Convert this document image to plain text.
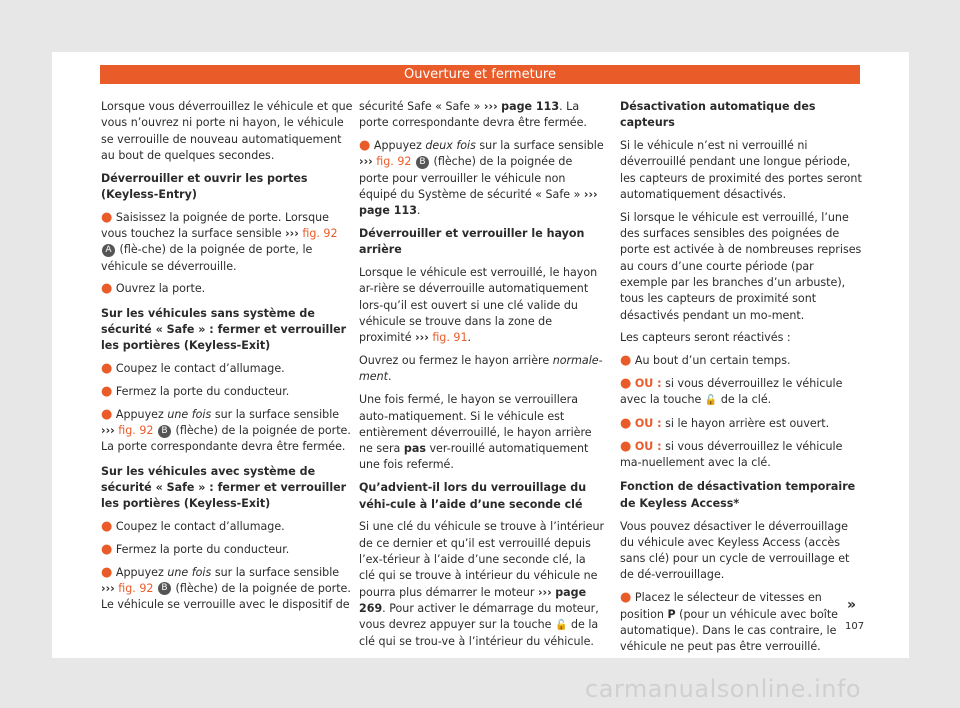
Ouverture et fermeture

Lorsque vous déverrouillez le véhicule et que vous n’ouvrez ni porte ni hayon, le véhicule se verrouille de nouveau automatiquement au bout de quelques secondes.

Déverrouiller et ouvrir les portes (Keyless-Entry)

● Saisissez la poignée de porte. Lorsque vous touchez la surface sensible ››› fig. 92 A (flè-che) de la poignée de porte, le véhicule se déverrouille.

● Ouvrez la porte.

Sur les véhicules sans système de sécurité « Safe » : fermer et verrouiller les portières (Keyless-Exit)

● Coupez le contact d’allumage.

● Fermez la porte du conducteur.

● Appuyez une fois sur la surface sensible ››› fig. 92 B (flèche) de la poignée de porte. La porte correspondante devra être fermée.

Sur les véhicules avec système de sécurité « Safe » : fermer et verrouiller les portières (Keyless-Exit)

● Coupez le contact d’allumage.

● Fermez la porte du conducteur.

● Appuyez une fois sur la surface sensible ››› fig. 92 B (flèche) de la poignée de porte. Le véhicule se verrouille avec le dispositif de

sécurité Safe « Safe » ››› page 113. La porte correspondante devra être fermée.

● Appuyez deux fois sur la surface sensible ››› fig. 92 B (flèche) de la poignée de porte pour verrouiller le véhicule non équipé du Système de sécurité « Safe » ››› page 113.

Déverrouiller et verrouiller le hayon arrière

Lorsque le véhicule est verrouillé, le hayon ar-rière se déverrouille automatiquement lors-qu’il est ouvert si une clé valide du véhicule se trouve dans la zone de proximité ››› fig. 91.

Ouvrez ou fermez le hayon arrière normale-ment.

Une fois fermé, le hayon se verrouillera auto-matiquement. Si le véhicule est entièrement déverrouillé, le hayon arrière ne sera pas ver-rouillé automatiquement une fois refermé.

Qu’advient-il lors du verrouillage du véhi-cule à l’aide d’une seconde clé

Si une clé du véhicule se trouve à l’intérieur de ce dernier et qu’il est verrouillé depuis l’ex-térieur à l’aide d’une seconde clé, la clé qui se trouve à intérieur du véhicule ne pourra plus démarrer le moteur ››› page 269. Pour activer le démarrage du moteur, vous devrez appuyer sur la touche 🔓 de la clé qui se trou-ve à l’intérieur du véhicule.

Désactivation automatique des capteurs

Si le véhicule n’est ni verrouillé ni déverrouillé pendant une longue période, les capteurs de proximité des portes seront automatiquement désactivés.

Si lorsque le véhicule est verrouillé, l’une des surfaces sensibles des poignées de porte est activée à de nombreuses reprises au cours d’une courte période (par exemple par les branches d’un arbuste), tous les capteurs de proximité sont désactivés pendant un mo-ment.

Les capteurs seront réactivés :

● Au bout d’un certain temps.

● OU : si vous déverrouillez le véhicule avec la touche 🔓 de la clé.

● OU : si le hayon arrière est ouvert.

● OU : si vous déverrouillez le véhicule ma-nuellement avec la clé.

Fonction de désactivation temporaire de Keyless Access*

Vous pouvez désactiver le déverrouillage du véhicule avec Keyless Access (accès sans clé) pour un cycle de verrouillage et de dé-verrouillage.

● Placez le sélecteur de vitesses en position P (pour un véhicule avec boîte automatique). Dans le cas contraire, le véhicule ne peut pas être verrouillé.

»
107
carmanualsonline.info
